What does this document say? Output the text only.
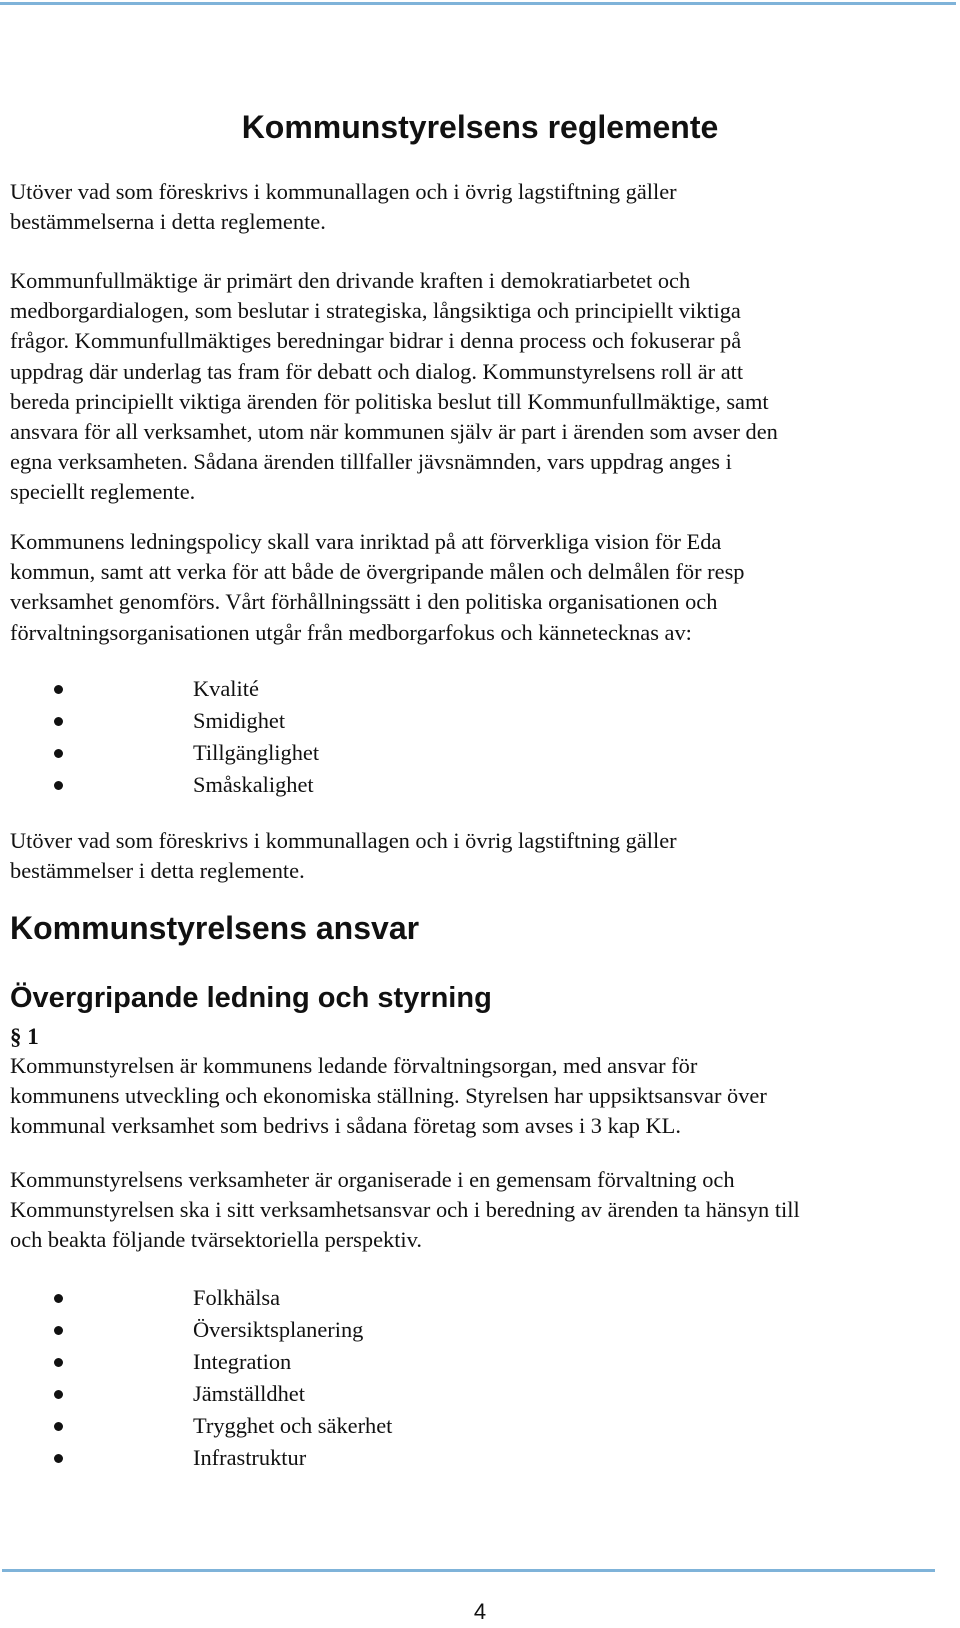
Kommunstyrelsens reglemente

Utöver vad som föreskrivs i kommunallagen och i övrig lagstiftning gäller
bestämmelserna i detta reglemente.

Kommunfullmäktige är primärt den drivande kraften i demokratiarbetet och
medborgardialogen, som beslutar i strategiska, långsiktiga och principiellt viktiga
frågor. Kommunfullmäktiges beredningar bidrar i denna process och fokuserar på
uppdrag där underlag tas fram för debatt och dialog. Kommunstyrelsens roll är att
bereda principiellt viktiga ärenden för politiska beslut till Kommunfullmäktige, samt
ansvara för all verksamhet, utom när kommunen själv är part i ärenden som avser den
egna verksamheten. Sådana ärenden tillfaller jävsnämnden, vars uppdrag anges i
speciellt reglemente.

Kommunens ledningspolicy skall vara inriktad på att förverkliga vision för Eda
kommun, samt att verka för att både de övergripande målen och delmålen för resp
verksamhet genomförs. Vårt förhållningssätt i den politiska organisationen och
förvaltningsorganisationen utgår från medborgarfokus och kännetecknas av:

Kvalité
Smidighet
Tillgänglighet
Småskalighet

Utöver vad som föreskrivs i kommunallagen och i övrig lagstiftning gäller
bestämmelser i detta reglemente.

Kommunstyrelsens ansvar
Övergripande ledning och styrning
§ 1

Kommunstyrelsen är kommunens ledande förvaltningsorgan, med ansvar för
kommunens utveckling och ekonomiska ställning. Styrelsen har uppsiktsansvar över
kommunal verksamhet som bedrivs i sådana företag som avses i 3 kap KL.

Kommunstyrelsens verksamheter är organiserade i en gemensam förvaltning och
Kommunstyrelsen ska i sitt verksamhetsansvar och i beredning av ärenden ta hänsyn till
och beakta följande tvärsektoriella perspektiv.

Folkhälsa
Översiktsplanering
Integration
Jämställdhet
Trygghet och säkerhet
Infrastruktur
4
